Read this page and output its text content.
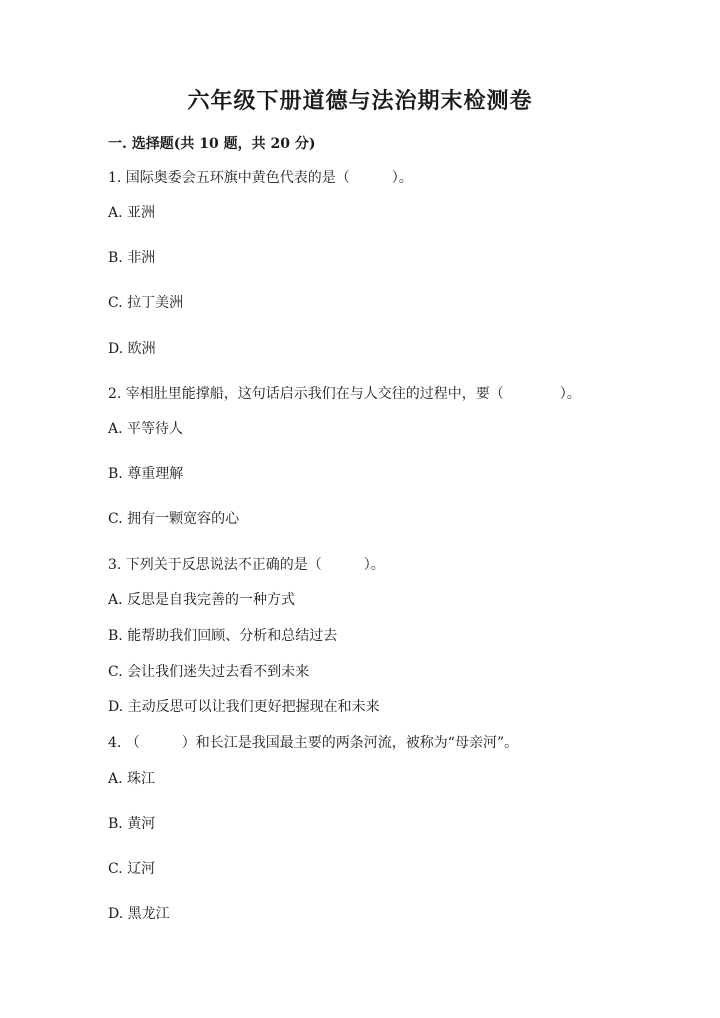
六年级下册道德与法治期末检测卷
一. 选择题(共 10 题，共 20 分)
1. 国际奥委会五环旗中黄色代表的是（　　　）。
A. 亚洲
B. 非洲
C. 拉丁美洲
D. 欧洲
2. 宰相肚里能撑船，这句话启示我们在与人交往的过程中，要（　　　　）。
A. 平等待人
B. 尊重理解
C. 拥有一颗宽容的心
3. 下列关于反思说法不正确的是（　　　）。
A. 反思是自我完善的一种方式
B. 能帮助我们回顾、分析和总结过去
C. 会让我们迷失过去看不到未来
D. 主动反思可以让我们更好把握现在和未来
4. （　　　）和长江是我国最主要的两条河流，被称为“母亲河”。
A. 珠江
B. 黄河
C. 辽河
D. 黑龙江
